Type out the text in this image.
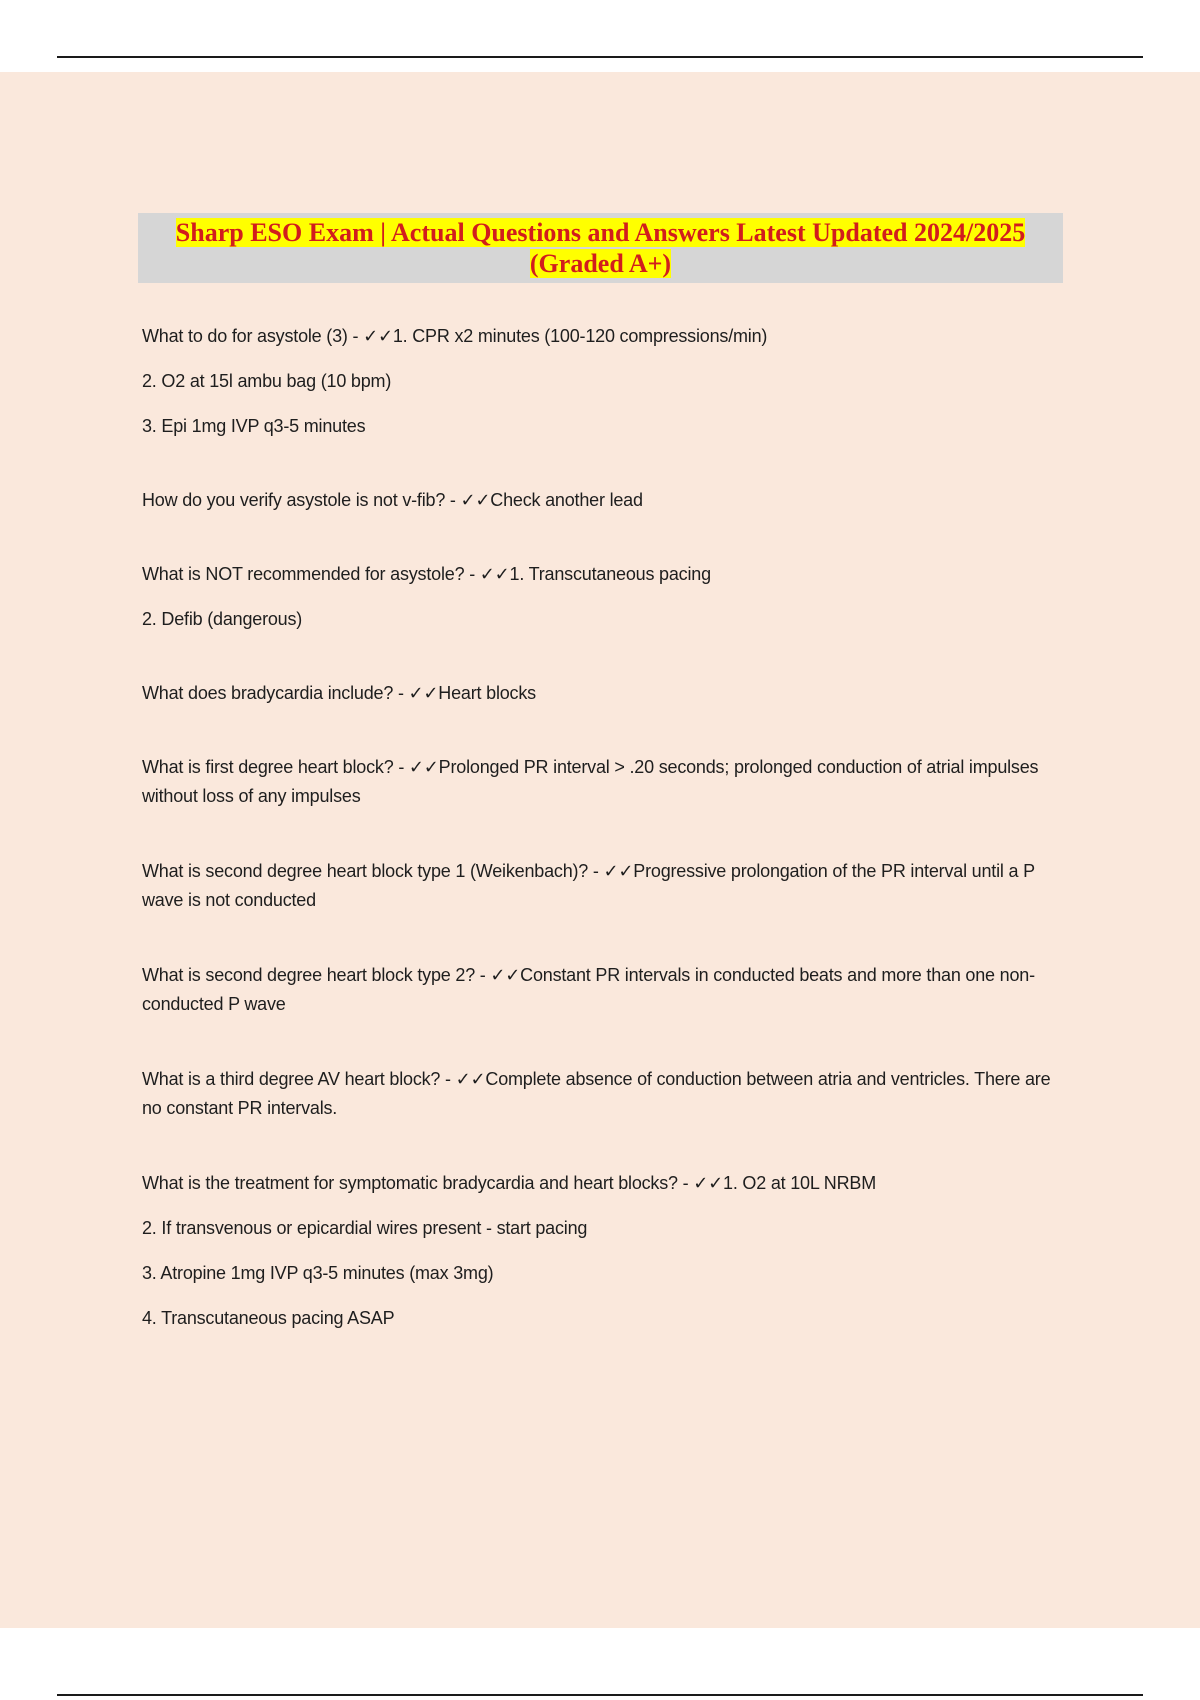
Sharp ESO Exam | Actual Questions and Answers Latest Updated 2024/2025
(Graded A+)

What to do for asystole (3) - ✓✓1. CPR x2 minutes (100-120 compressions/min)

2. O2 at 15l ambu bag (10 bpm)

3. Epi 1mg IVP q3-5 minutes

How do you verify asystole is not v-fib? - ✓✓Check another lead

What is NOT recommended for asystole? - ✓✓1. Transcutaneous pacing

2. Defib (dangerous)

What does bradycardia include? - ✓✓Heart blocks

What is first degree heart block? - ✓✓Prolonged PR interval > .20 seconds; prolonged conduction of atrial impulses without loss of any impulses

What is second degree heart block type 1 (Weikenbach)? - ✓✓Progressive prolongation of the PR interval until a P wave is not conducted

What is second degree heart block type 2? - ✓✓Constant PR intervals in conducted beats and more than one non-conducted P wave

What is a third degree AV heart block? - ✓✓Complete absence of conduction between atria and ventricles. There are no constant PR intervals.

What is the treatment for symptomatic bradycardia and heart blocks? - ✓✓1. O2 at 10L NRBM

2. If transvenous or epicardial wires present - start pacing

3. Atropine 1mg IVP q3-5 minutes (max 3mg)

4. Transcutaneous pacing ASAP
